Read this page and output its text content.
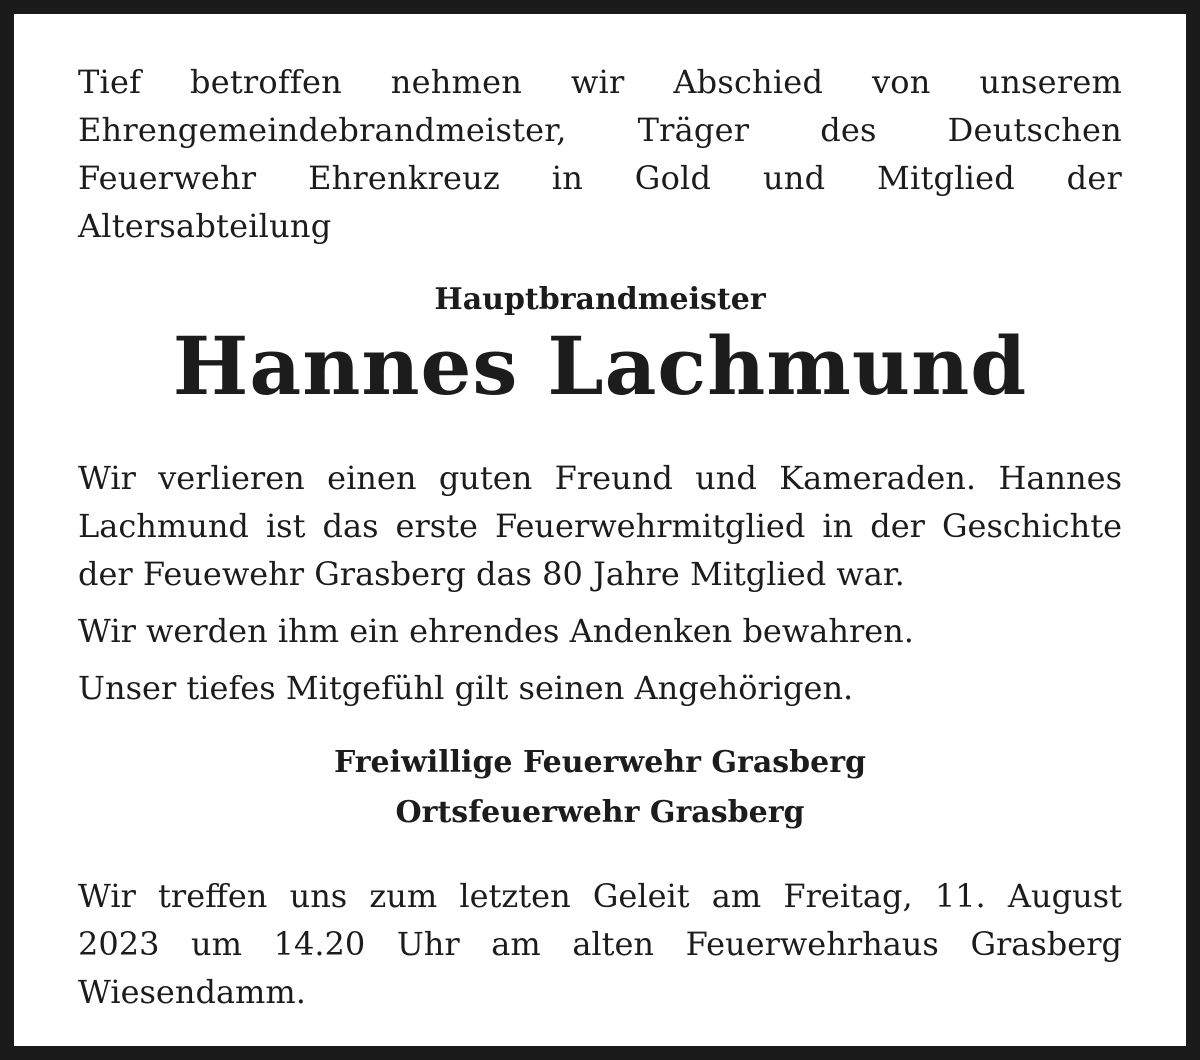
Tief betroffen nehmen wir Abschied von unserem Ehrengemeindebrandmeister, Träger des Deutschen Feuerwehr Ehrenkreuz in Gold und Mitglied der Altersabteilung

Hauptbrandmeister
Hannes Lachmund

Wir verlieren einen guten Freund und Kameraden. Hannes Lachmund ist das erste Feuerwehrmitglied in der Geschichte der Feuewehr Grasberg das 80 Jahre Mitglied war.

Wir werden ihm ein ehrendes Andenken bewahren.

Unser tiefes Mitgefühl gilt seinen Angehörigen.

Freiwillige Feuerwehr Grasberg
Ortsfeuerwehr Grasberg

Wir treffen uns zum letzten Geleit am Freitag, 11. August 2023 um 14.20 Uhr am alten Feuerwehrhaus Grasberg Wiesendamm.
